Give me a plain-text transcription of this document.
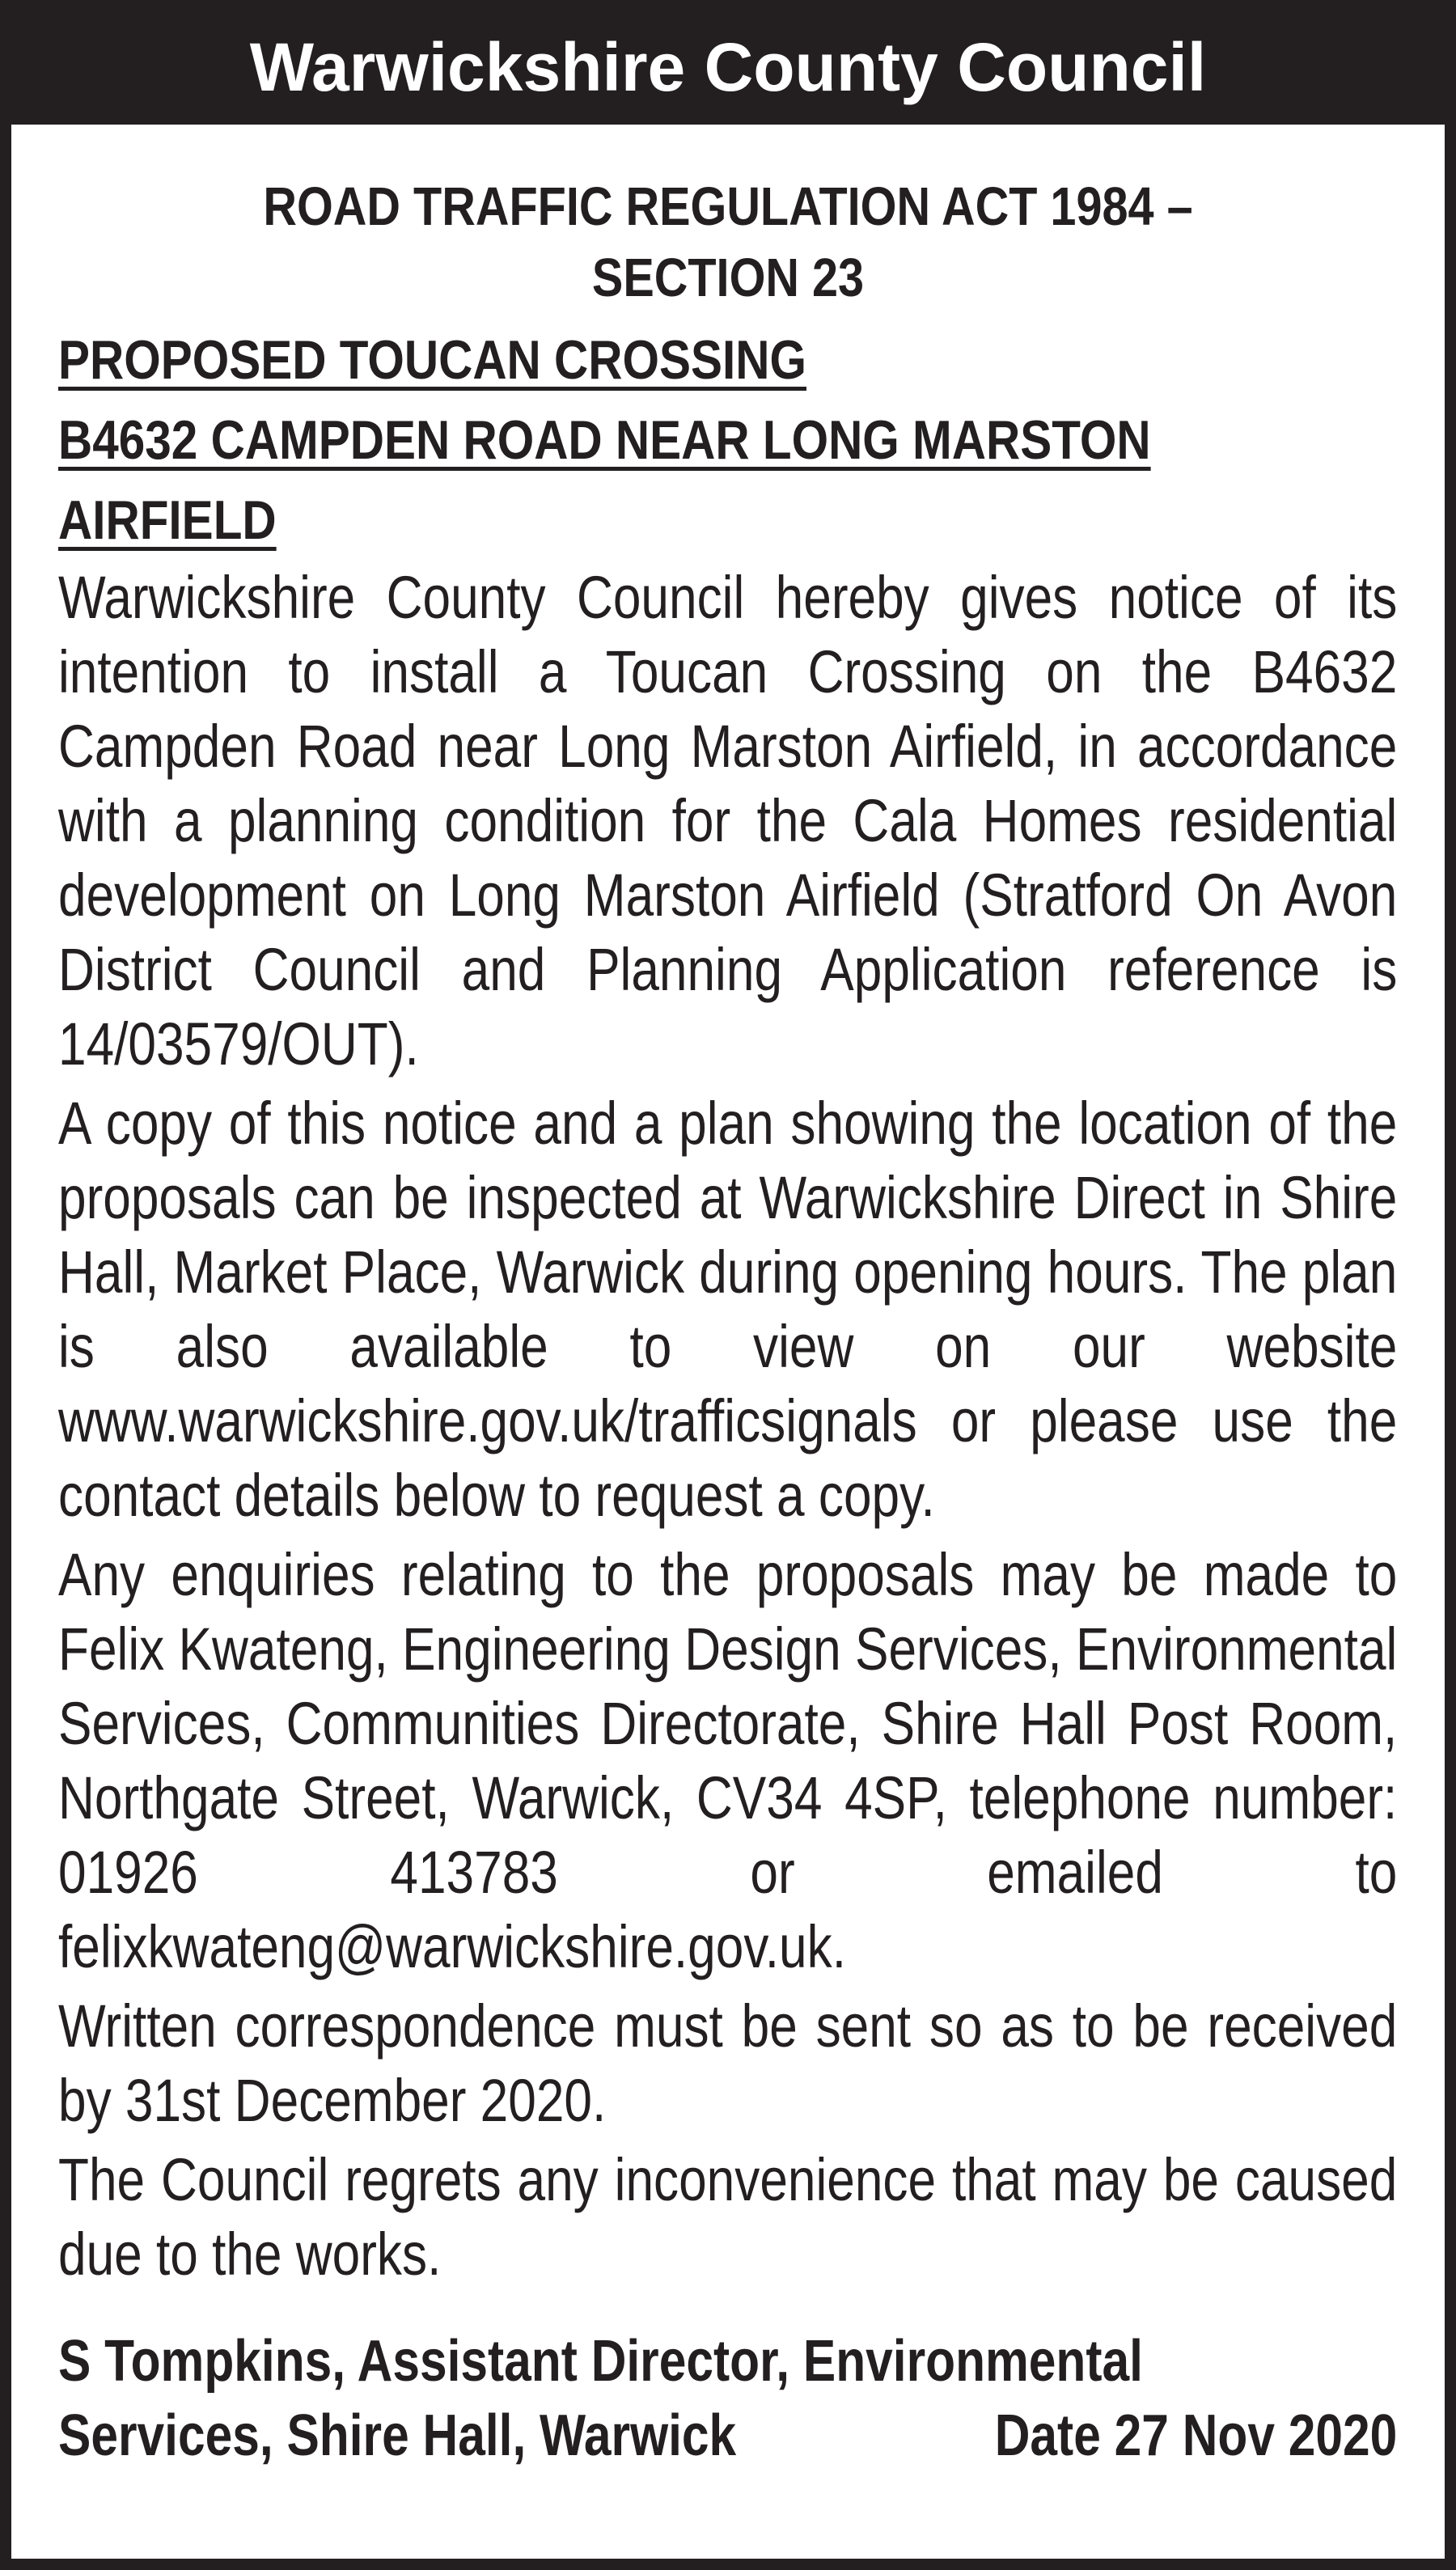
Warwickshire County Council
ROAD TRAFFIC REGULATION ACT 1984 –
SECTION 23
PROPOSED TOUCAN CROSSING
B4632 CAMPDEN ROAD NEAR LONG MARSTON
AIRFIELD

Warwickshire County Council hereby gives notice of its intention to install a Toucan Crossing on the B4632 Campden Road near Long Marston Airfield, in accordance with a planning condition for the Cala Homes residential development on Long Marston Airfield (Stratford On Avon District Council and Planning Application reference is 14/03579/OUT).

A copy of this notice and a plan showing the location of the proposals can be inspected at Warwickshire Direct in Shire Hall, Market Place, Warwick during opening hours. The plan is also available to view on our website www.warwickshire.gov.uk/trafficsignals or please use the contact details below to request a copy.

Any enquiries relating to the proposals may be made to Felix Kwateng, Engineering Design Services, Environmental Services, Communities Directorate, Shire Hall Post Room, Northgate Street, Warwick, CV34 4SP, telephone number: 01926 413783 or emailed to felixkwateng@warwickshire.gov.uk.

Written correspondence must be sent so as to be received by 31st December 2020.

The Council regrets any inconvenience that may be caused due to the works.

S Tompkins, Assistant Director, Environmental
Services, Shire Hall, Warwick	Date 27 Nov 2020
